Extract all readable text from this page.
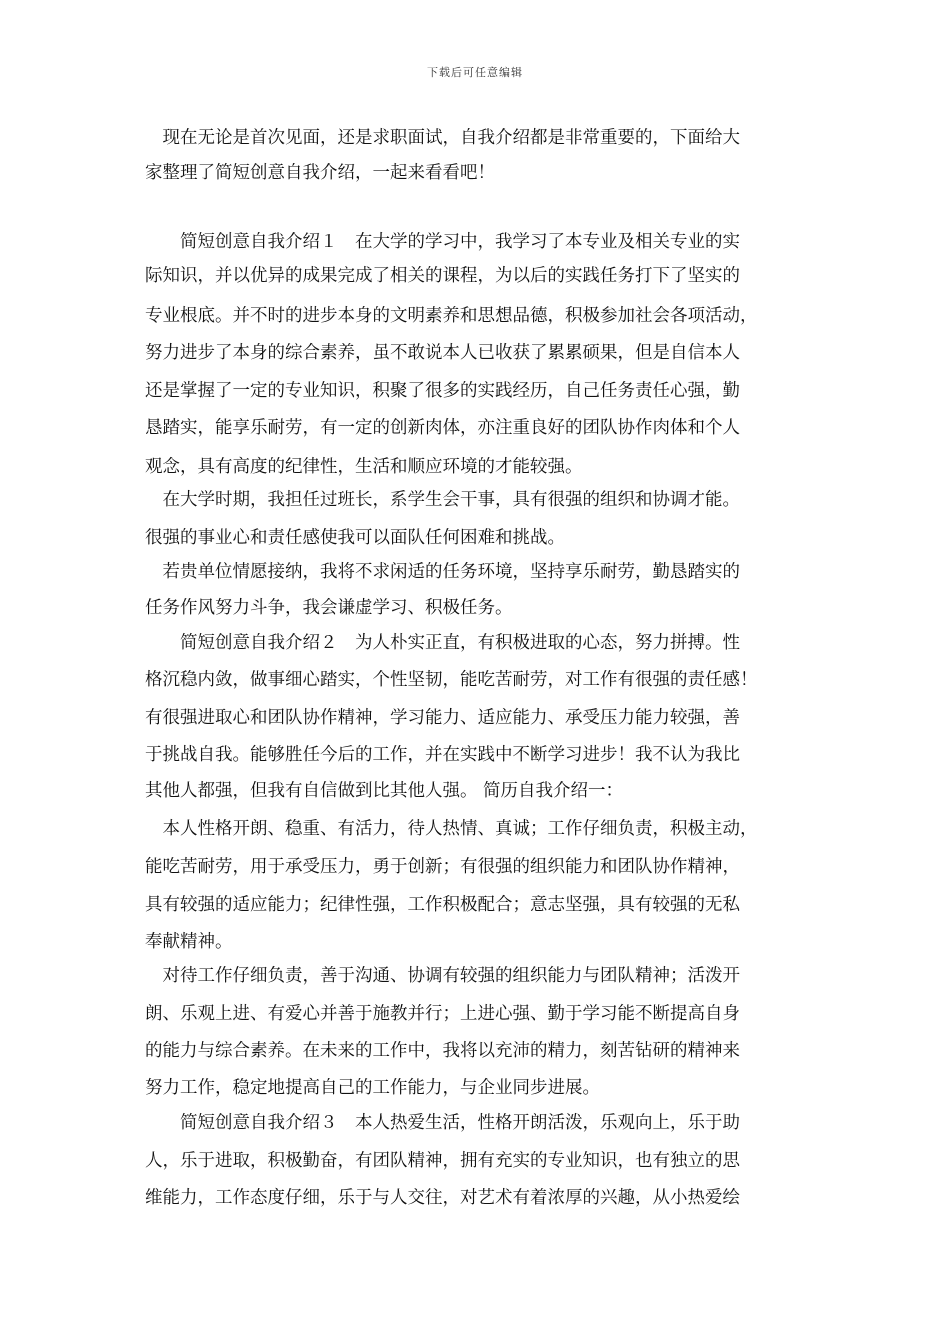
下载后可任意编辑
　现在无论是首次见面，还是求职面试，自我介绍都是非常重要的，下面给大
家整理了简短创意自我介绍，一起来看看吧！
　　简短创意自我介绍１　在大学的学习中，我学习了本专业及相关专业的实
际知识，并以优异的成果完成了相关的课程，为以后的实践任务打下了坚实的
专业根底。并不时的进步本身的文明素养和思想品德，积极参加社会各项活动，
努力进步了本身的综合素养，虽不敢说本人已收获了累累硕果，但是自信本人
还是掌握了一定的专业知识，积聚了很多的实践经历，自己任务责任心强，勤
恳踏实，能享乐耐劳，有一定的创新肉体，亦注重良好的团队协作肉体和个人
观念，具有高度的纪律性，生活和顺应环境的才能较强。
　在大学时期，我担任过班长，系学生会干事，具有很强的组织和协调才能。
很强的事业心和责任感使我可以面队任何困难和挑战。
　若贵单位情愿接纳，我将不求闲适的任务环境，坚持享乐耐劳，勤恳踏实的
任务作风努力斗争，我会谦虚学习、积极任务。
　　简短创意自我介绍２　为人朴实正直，有积极进取的心态，努力拼搏。性
格沉稳内敛，做事细心踏实，个性坚韧，能吃苦耐劳，对工作有很强的责任感！
有很强进取心和团队协作精神，学习能力、适应能力、承受压力能力较强，善
于挑战自我。能够胜任今后的工作，并在实践中不断学习进步！我不认为我比
其他人都强，但我有自信做到比其他人强。 简历自我介绍一：
　本人性格开朗、稳重、有活力，待人热情、真诚；工作仔细负责，积极主动，
能吃苦耐劳，用于承受压力，勇于创新；有很强的组织能力和团队协作精神，
具有较强的适应能力；纪律性强，工作积极配合；意志坚强，具有较强的无私
奉献精神。
　对待工作仔细负责，善于沟通、协调有较强的组织能力与团队精神；活泼开
朗、乐观上进、有爱心并善于施教并行；上进心强、勤于学习能不断提高自身
的能力与综合素养。在未来的工作中，我将以充沛的精力，刻苦钻研的精神来
努力工作，稳定地提高自己的工作能力，与企业同步进展。
　　简短创意自我介绍３　本人热爱生活，性格开朗活泼，乐观向上，乐于助
人，乐于进取，积极勤奋，有团队精神，拥有充实的专业知识，也有独立的思
维能力，工作态度仔细，乐于与人交往，对艺术有着浓厚的兴趣，从小热爱绘
